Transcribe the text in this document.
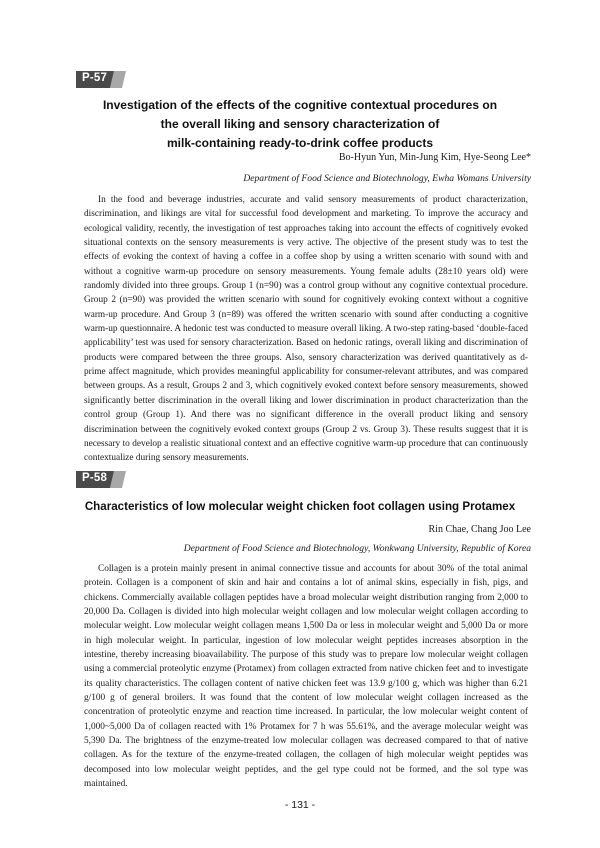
P-57
Investigation of the effects of the cognitive contextual procedures on
the overall liking and sensory characterization of
milk-containing ready-to-drink coffee products
Bo-Hyun Yun, Min-Jung Kim, Hye-Seong Lee*
Department of Food Science and Biotechnology, Ewha Womans University

In the food and beverage industries, accurate and valid sensory measurements of product characterization, discrimination, and likings are vital for successful food development and marketing. To improve the accuracy and ecological validity, recently, the investigation of test approaches taking into account the effects of cognitively evoked situational contexts on the sensory measurements is very active. The objective of the present study was to test the effects of evoking the context of having a coffee in a coffee shop by using a written scenario with sound with and without a cognitive warm-up procedure on sensory measurements. Young female adults (28±10 years old) were randomly divided into three groups. Group 1 (n=90) was a control group without any cognitive contextual procedure. Group 2 (n=90) was provided the written scenario with sound for cognitively evoking context without a cognitive warm-up procedure. And Group 3 (n=89) was offered the written scenario with sound after conducting a cognitive warm-up questionnaire. A hedonic test was conducted to measure overall liking. A two-step rating-based ‘double-faced applicability’ test was used for sensory characterization. Based on hedonic ratings, overall liking and discrimination of products were compared between the three groups. Also, sensory characterization was derived quantitatively as d-prime affect magnitude, which provides meaningful applicability for consumer-relevant attributes, and was compared between groups. As a result, Groups 2 and 3, which cognitively evoked context before sensory measurements, showed significantly better discrimination in the overall liking and lower discrimination in product characterization than the control group (Group 1). And there was no significant difference in the overall product liking and sensory discrimination between the cognitively evoked context groups (Group 2 vs. Group 3). These results suggest that it is necessary to develop a realistic situational context and an effective cognitive warm-up procedure that can continuously contextualize during sensory measurements.

P-58
Characteristics of low molecular weight chicken foot collagen using Protamex
Rin Chae, Chang Joo Lee
Department of Food Science and Biotechnology, Wonkwang University, Republic of Korea

Collagen is a protein mainly present in animal connective tissue and accounts for about 30% of the total animal protein. Collagen is a component of skin and hair and contains a lot of animal skins, especially in fish, pigs, and chickens. Commercially available collagen peptides have a broad molecular weight distribution ranging from 2,000 to 20,000 Da. Collagen is divided into high molecular weight collagen and low molecular weight collagen according to molecular weight. Low molecular weight collagen means 1,500 Da or less in molecular weight and 5,000 Da or more in high molecular weight. In particular, ingestion of low molecular weight peptides increases absorption in the intestine, thereby increasing bioavailability. The purpose of this study was to prepare low molecular weight collagen using a commercial proteolytic enzyme (Protamex) from collagen extracted from native chicken feet and to investigate its quality characteristics. The collagen content of native chicken feet was 13.9 g/100 g, which was higher than 6.21 g/100 g of general broilers. It was found that the content of low molecular weight collagen increased as the concentration of proteolytic enzyme and reaction time increased. In particular, the low molecular weight content of 1,000~5,000 Da of collagen reacted with 1% Protamex for 7 h was 55.61%, and the average molecular weight was 5,390 Da. The brightness of the enzyme-treated low molecular collagen was decreased compared to that of native collagen. As for the texture of the enzyme-treated collagen, the collagen of high molecular weight peptides was decomposed into low molecular weight peptides, and the gel type could not be formed, and the sol type was maintained.

- 131 -
